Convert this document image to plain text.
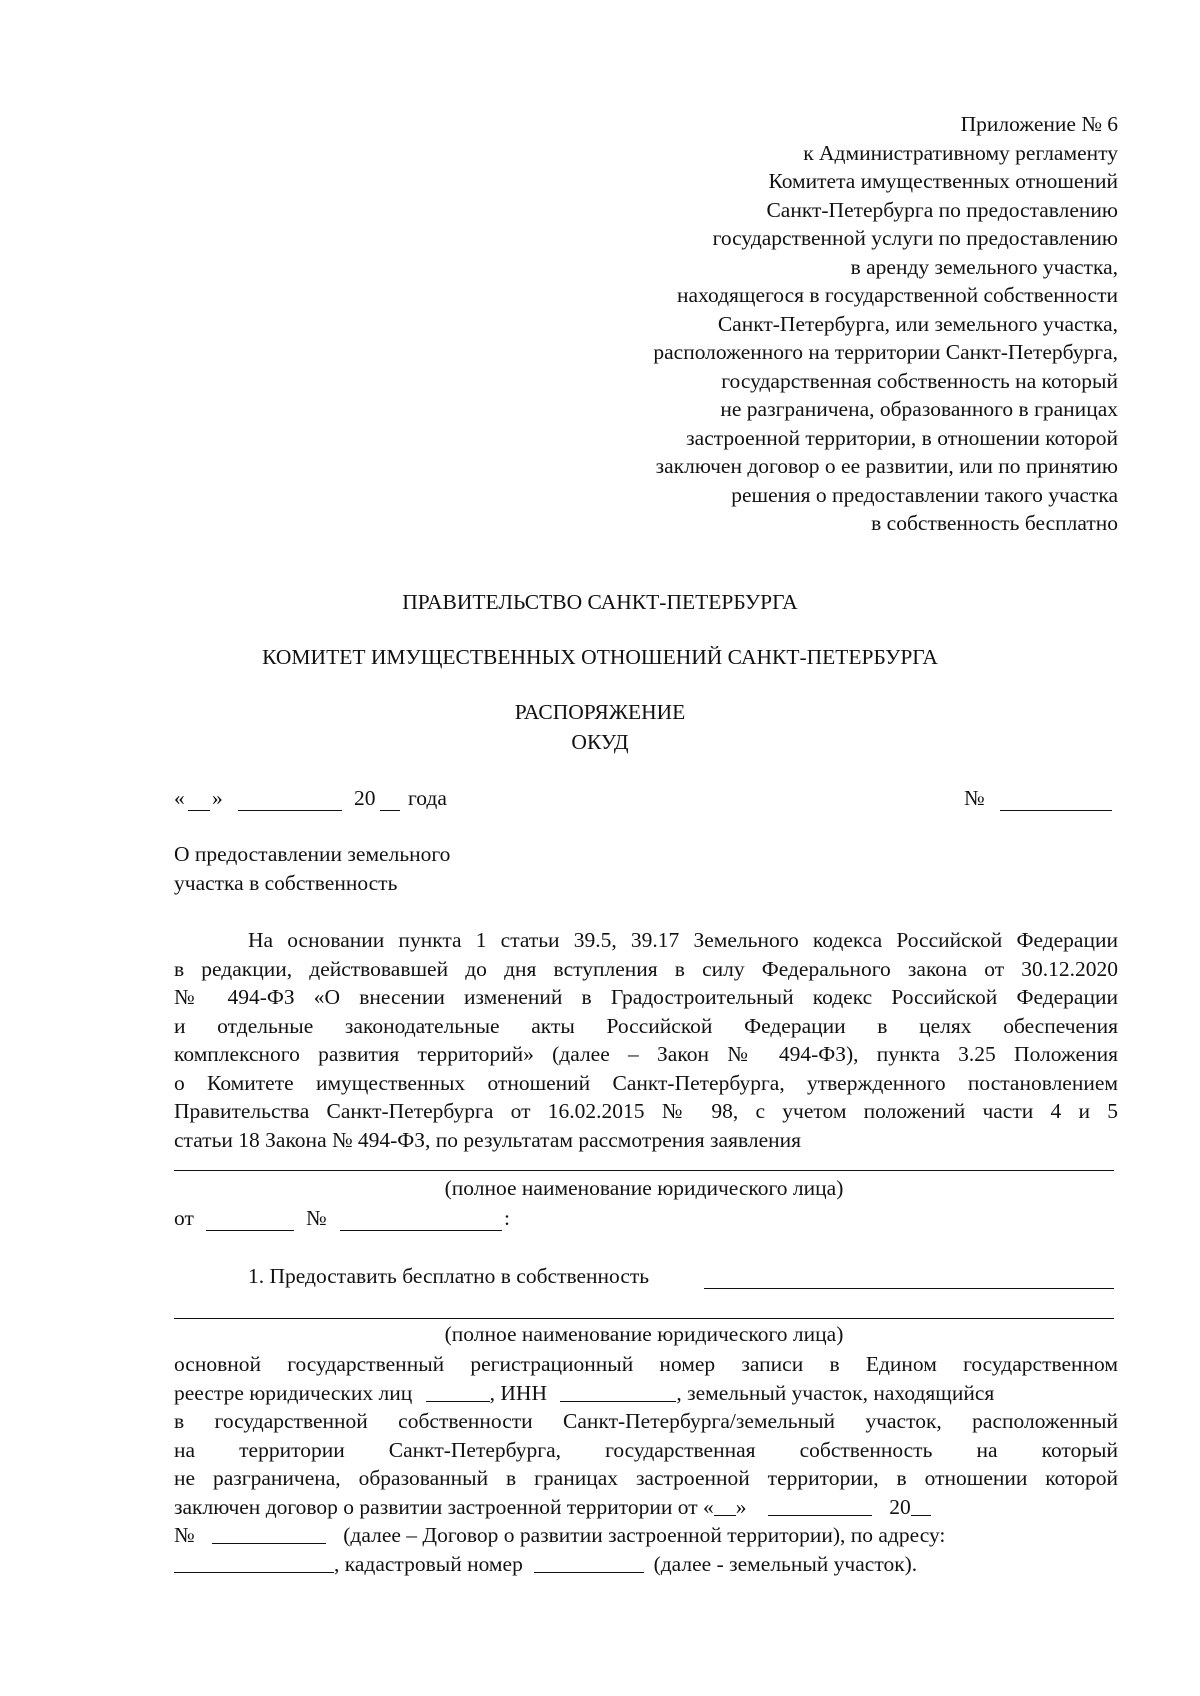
Приложение № 6
к Административному регламенту
Комитета имущественных отношений
Санкт-Петербурга по предоставлению
государственной услуги по предоставлению
в аренду земельного участка,
находящегося в государственной собственности
Санкт-Петербурга, или земельного участка,
расположенного на территории Санкт-Петербурга,
государственная собственность на который
не разграничена, образованного в границах
застроенной территории, в отношении которой
заключен договор о ее развитии, или по принятию
решения о предоставлении такого участка
в собственность бесплатно
ПРАВИТЕЛЬСТВО САНКТ-ПЕТЕРБУРГА
КОМИТЕТ ИМУЩЕСТВЕННЫХ ОТНОШЕНИЙ САНКТ-ПЕТЕРБУРГА
РАСПОРЯЖЕНИЕ
ОКУД
« »	20 года	№
О предоставлении земельного
участка в собственность
На основании пункта 1 статьи 39.5, 39.17 Земельного кодекса Российской Федерации
в редакции, действовавшей до дня вступления в силу Федерального закона от 30.12.2020
№ 494-ФЗ «О внесении изменений в Градостроительный кодекс Российской Федерации
и отдельные законодательные акты Российской Федерации в целях обеспечения
комплексного развития территорий» (далее – Закон № 494-ФЗ), пункта 3.25 Положения
о Комитете имущественных отношений Санкт-Петербурга, утвержденного постановлением
Правительства Санкт-Петербурга от 16.02.2015 № 98, с учетом положений части 4 и 5
статьи 18 Закона № 494-ФЗ, по результатам рассмотрения заявления
(полное наименование юридического лица)
от	№	:
1. Предоставить бесплатно в собственность
(полное наименование юридического лица)
основной государственный регистрационный номер записи в Едином государственном
реестре юридических лиц	, ИНН	, земельный участок, находящийся
в государственной собственности Санкт-Петербурга/земельный участок, расположенный
на территории Санкт-Петербурга, государственная собственность на который
не разграничена, образованный в границах застроенной территории, в отношении которой
заключен договор о развитии застроенной территории от « »	20
№	(далее – Договор о развитии застроенной территории), по адресу:
, кадастровый номер	(далее - земельный участок).
